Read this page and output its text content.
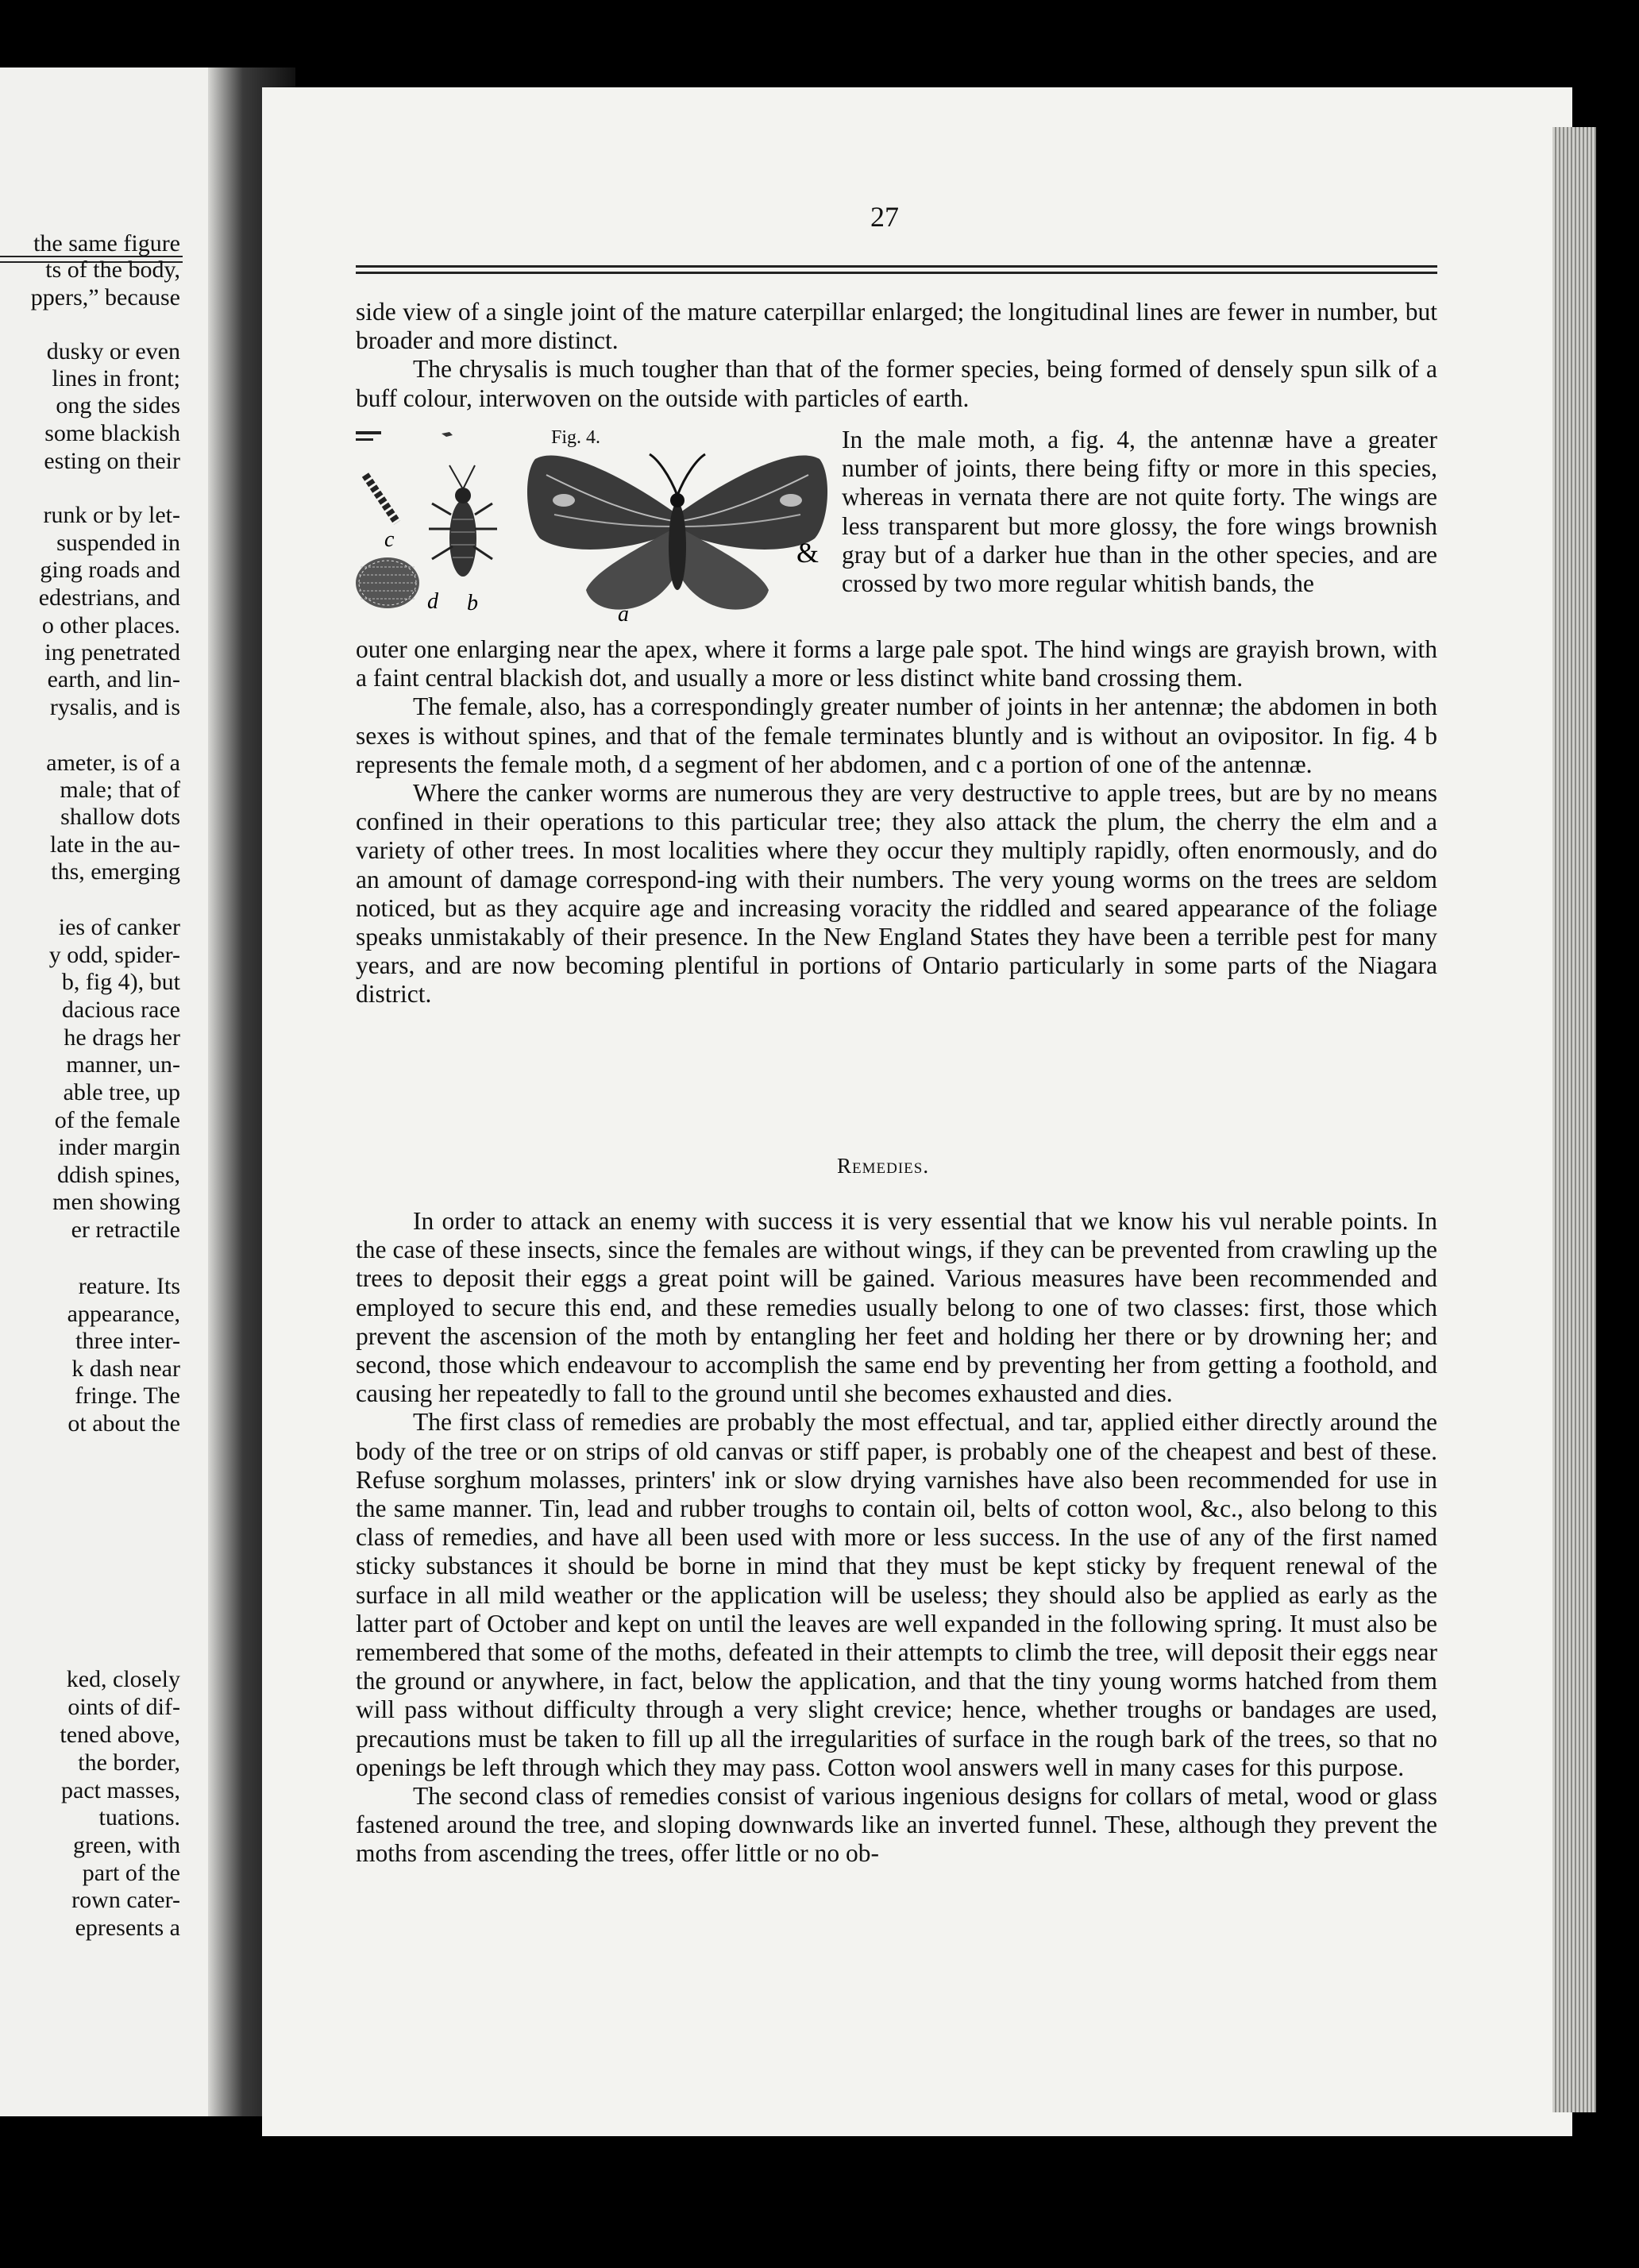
the same figure
ts of the body,
ppers,” because
dusky or even
lines in front;
ong the sides
some blackish
esting on their
runk or by let-
suspended in
ging roads and
edestrians, and
o other places.
ing penetrated
earth, and lin-
rysalis, and is
ameter, is of a
male; that of
shallow dots
late in the au-
ths, emerging
ies of canker
y odd, spider-
b, fig 4), but
dacious race
he drags her
manner, un-
able tree, up
of the female
inder margin
ddish spines,
men showing
er retractile
reature. Its
appearance,
three inter-
k dash near
fringe. The
ot about the
ked, closely
oints of dif-
tened above,
the border,
pact masses,
tuations.
green, with
part of the
rown cater-
epresents a
27

side view of a single joint of the mature caterpillar enlarged; the longitudinal lines are fewer in number, but broader and more distinct.

The chrysalis is much tougher than that of the former species, being formed of densely spun silk of a buff colour, interwoven on the outside with particles of earth.

Fig. 4.
c
d b	a
&

In the male moth, a fig. 4, the antennæ have a greater number of joints, there being fifty or more in this species, whereas in vernata there are not quite forty. The wings are less transparent but more glossy, the fore wings brownish gray but of a darker hue than in the other species, and are crossed by two more regular whitish bands, the

outer one enlarging near the apex, where it forms a large pale spot. The hind wings are grayish brown, with a faint central blackish dot, and usually a more or less distinct white band crossing them.

The female, also, has a correspondingly greater number of joints in her antennæ; the abdomen in both sexes is without spines, and that of the female terminates bluntly and is without an ovipositor. In fig. 4 b represents the female moth, d a segment of her abdomen, and c a portion of one of the antennæ.

Where the canker worms are numerous they are very destructive to apple trees, but are by no means confined in their operations to this particular tree; they also attack the plum, the cherry the elm and a variety of other trees. In most localities where they occur they multiply rapidly, often enormously, and do an amount of damage correspond-ing with their numbers. The very young worms on the trees are seldom noticed, but as they acquire age and increasing voracity the riddled and seared appearance of the foliage speaks unmistakably of their presence. In the New England States they have been a terrible pest for many years, and are now becoming plentiful in portions of Ontario particularly in some parts of the Niagara district.

Remedies.

In order to attack an enemy with success it is very essential that we know his vul nerable points. In the case of these insects, since the females are without wings, if they can be prevented from crawling up the trees to deposit their eggs a great point will be gained. Various measures have been recommended and employed to secure this end, and these remedies usually belong to one of two classes: first, those which prevent the ascension of the moth by entangling her feet and holding her there or by drowning her; and second, those which endeavour to accomplish the same end by preventing her from getting a foothold, and causing her repeatedly to fall to the ground until she becomes exhausted and dies.

The first class of remedies are probably the most effectual, and tar, applied either directly around the body of the tree or on strips of old canvas or stiff paper, is probably one of the cheapest and best of these. Refuse sorghum molasses, printers' ink or slow drying varnishes have also been recommended for use in the same manner. Tin, lead and rubber troughs to contain oil, belts of cotton wool, &c., also belong to this class of remedies, and have all been used with more or less success. In the use of any of the first named sticky substances it should be borne in mind that they must be kept sticky by frequent renewal of the surface in all mild weather or the application will be useless; they should also be applied as early as the latter part of October and kept on until the leaves are well expanded in the following spring. It must also be remembered that some of the moths, defeated in their attempts to climb the tree, will deposit their eggs near the ground or anywhere, in fact, below the application, and that the tiny young worms hatched from them will pass without difficulty through a very slight crevice; hence, whether troughs or bandages are used, precautions must be taken to fill up all the irregularities of surface in the rough bark of the trees, so that no openings be left through which they may pass. Cotton wool answers well in many cases for this purpose.

The second class of remedies consist of various ingenious designs for collars of metal, wood or glass fastened around the tree, and sloping downwards like an inverted funnel. These, although they prevent the moths from ascending the trees, offer little or no ob-
